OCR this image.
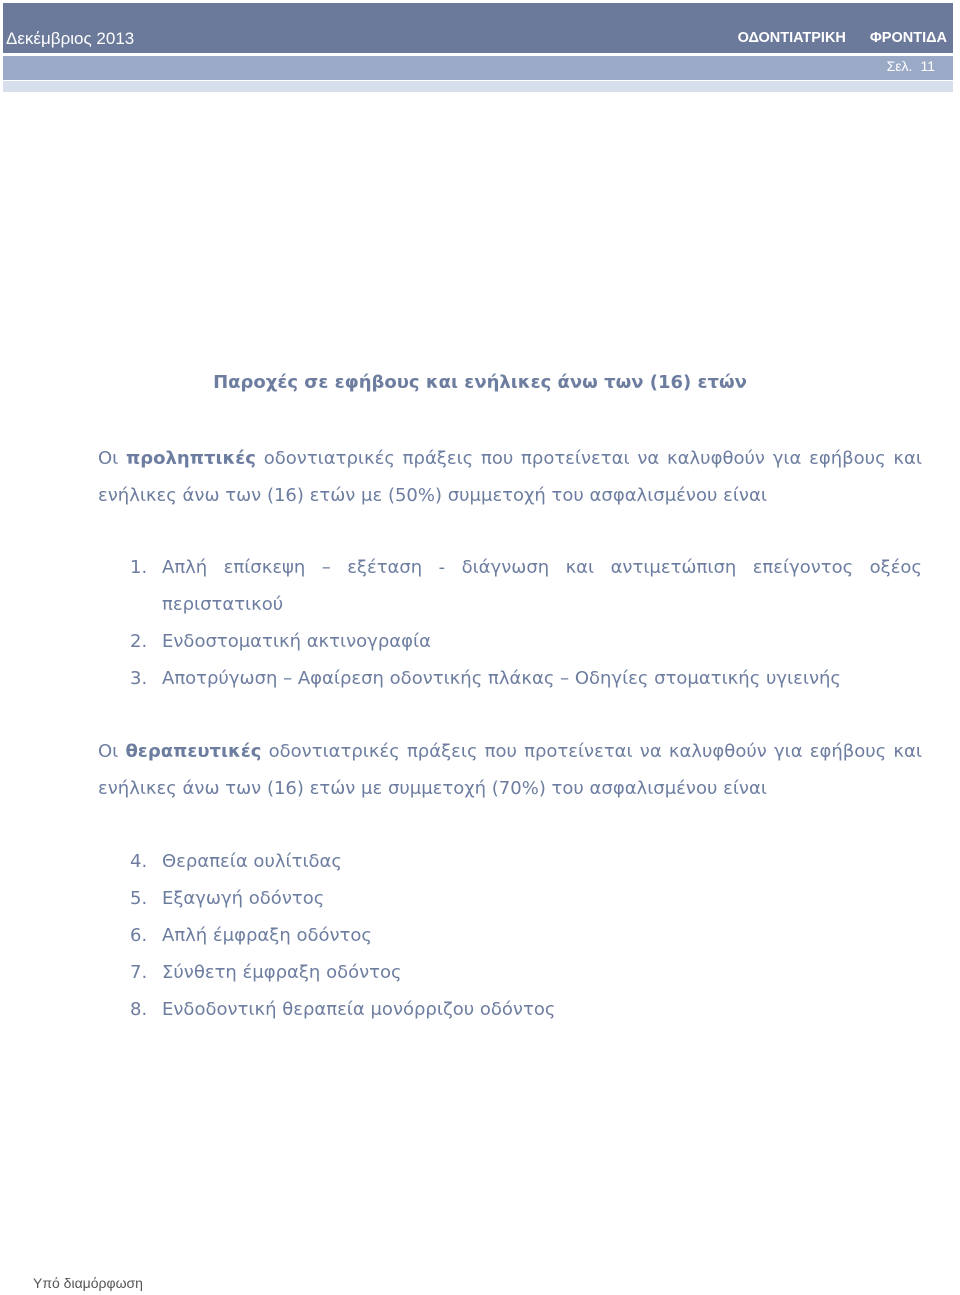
Δεκέμβριος 2013	ΟΔΟΝΤΙΑΤΡΙΚΗ ΦΡΟΝΤΙΔΑ
Σελ. 11
Παροχές σε εφήβους και ενήλικες άνω των (16) ετών
Οι προληπτικές οδοντιατρικές πράξεις που προτείνεται να καλυφθούν για εφήβους και ενήλικες άνω των (16) ετών με (50%) συμμετοχή του ασφαλισμένου είναι
1. Απλή επίσκεψη – εξέταση - διάγνωση και αντιμετώπιση επείγοντος οξέος περιστατικού
2. Ενδοστοματική ακτινογραφία
3. Αποτρύγωση – Αφαίρεση οδοντικής πλάκας – Οδηγίες στοματικής υγιεινής
Οι θεραπευτικές οδοντιατρικές πράξεις που προτείνεται να καλυφθούν για εφήβους και ενήλικες άνω των (16) ετών με συμμετοχή (70%) του ασφαλισμένου είναι
4. Θεραπεία ουλίτιδας
5. Εξαγωγή οδόντος
6. Απλή έμφραξη οδόντος
7. Σύνθετη έμφραξη οδόντος
8. Ενδοδοντική θεραπεία μονόρριζου οδόντος
Υπό διαμόρφωση
